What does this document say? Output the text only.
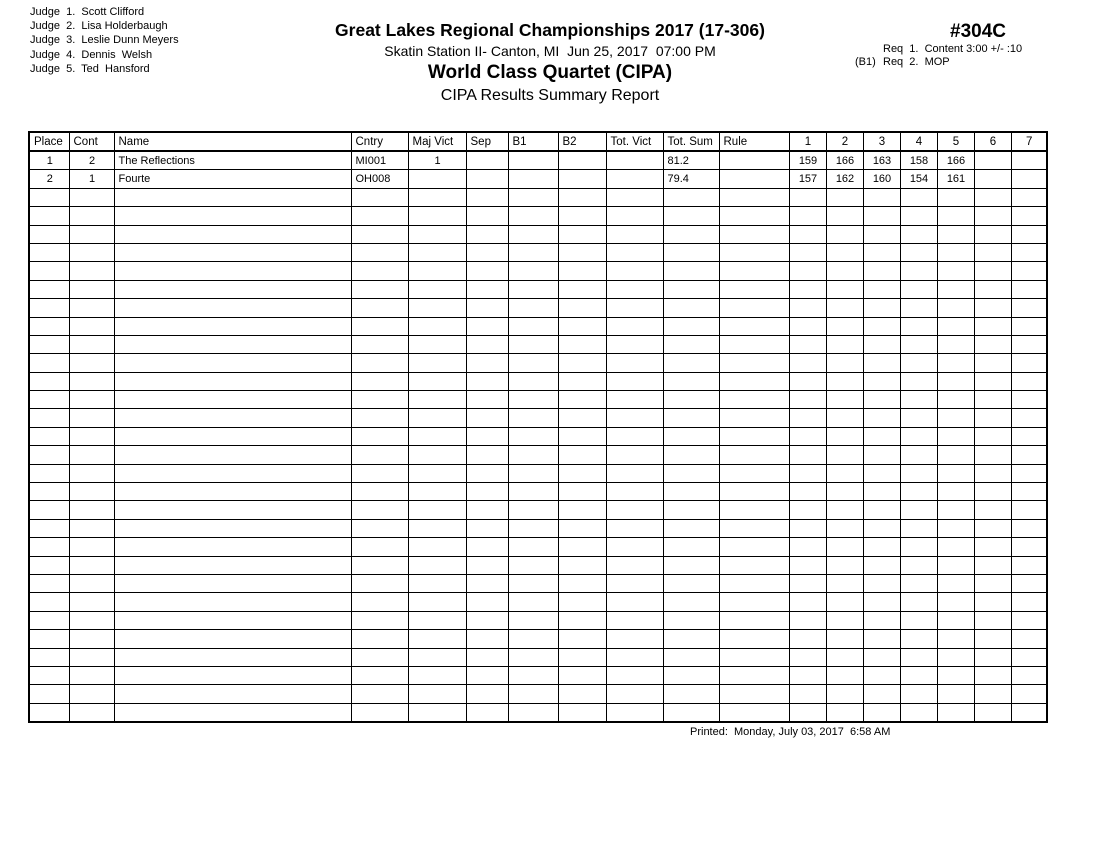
Judge  1.  Scott Clifford
Judge  2.  Lisa Holderbaugh
Judge  3.  Leslie Dunn Meyers
Judge  4.  Dennis  Welsh
Judge  5.  Ted  Hansford
Great Lakes Regional Championships 2017 (17-306)
Skatin Station II- Canton, MI  Jun 25, 2017  07:00 PM
World Class Quartet (CIPA)
CIPA Results Summary Report
#304C
Req  1.  Content 3:00 +/- :10
(B1) Req  2.  MOP
Place	Cont	Name	Cntry	Maj Vict	Sep	B1	B2	Tot. Vict	Tot. Sum	Rule	1	2	3	4	5	6	7
1	2	The Reflections	MI001	1					81.2		159	166	163	158	166		
2	1	Fourte	OH008						79.4		157	162	160	154	161		

Printed:  Monday, July 03, 2017  6:58 AM
